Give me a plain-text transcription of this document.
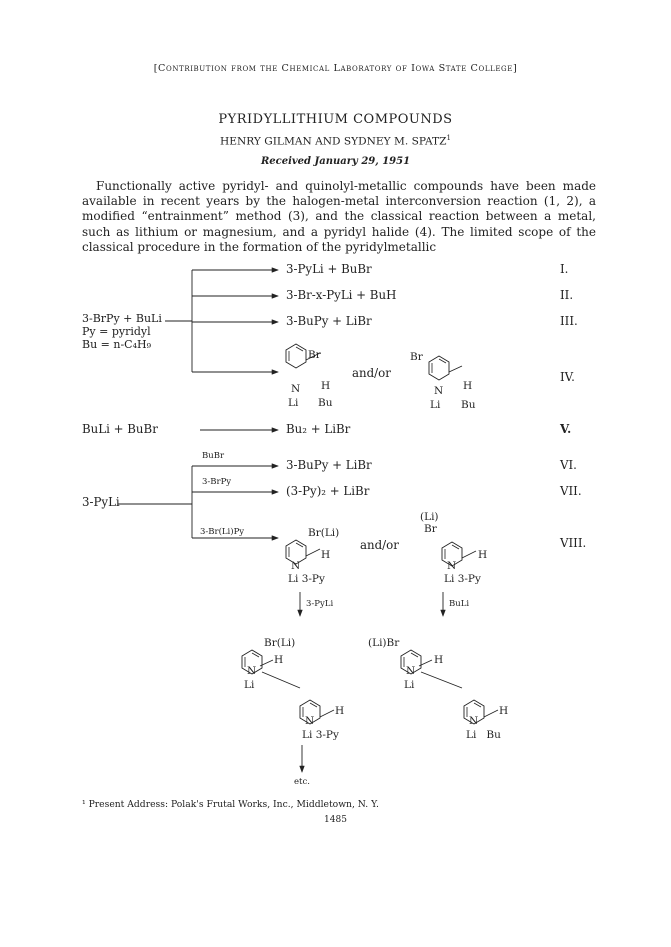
[Contribution from the Chemical Laboratory of Iowa State College]
PYRIDYLLITHIUM COMPOUNDS
HENRY GILMAN AND SYDNEY M. SPATZ$^1$
Received January 29, 1951
Functionally active pyridyl- and quinolyl-metallic compounds have been made available in recent years by the halogen-metal interconversion reaction (1, 2), a modified “entrainment” method (3), and the classical reaction between a metal, such as lithium or magnesium, and a pyridyl halide (4). The limited scope of the classical procedure in the formation of the pyridylmetallic
3-BrPy + BuLi
Py = pyridyl
Bu = n-C₄H₉
3-PyLi + BuBr
3-Br-x-PyLi + BuH
3-BuPy + LiBr
I.
II.
III.
IV.
Br
N H
Li Bu
and/or
Br
N H
Li Bu
BuLi + BuBr	Bu₂ + LiBr	V.
3-PyLi
BuBr
3-BrPy
3-Br(Li)Py
3-BuPy + LiBr
(3-Py)₂ + LiBr
VI.
VII.
VIII.
Br(Li)
N
H
Li 3-Py
and/or
(Li)
Br
N
H
Li 3-Py
3-PyLi	BuLi
Br(Li)
N
H
Li
N
H
Li 3-Py
(Li)Br
N
H
Li
N
H
Li Bu
etc.
¹ Present Address: Polak's Frutal Works, Inc., Middletown, N. Y.
1485
